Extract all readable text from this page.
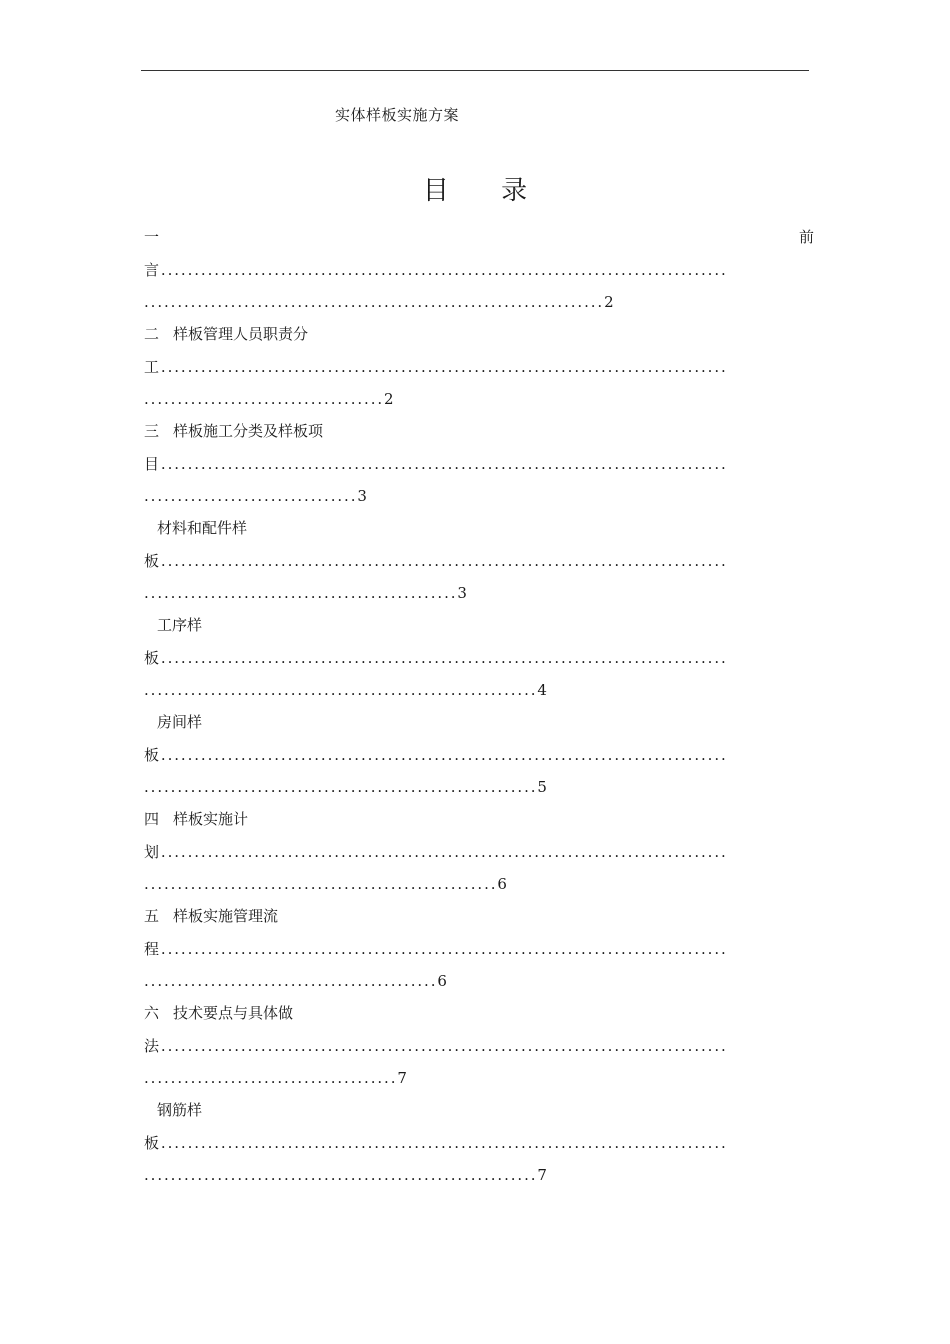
实体样板实施方案
目 录
一	前
言.....................................................................................
.....................................................................2
二 样板管理人员职责分
工.....................................................................................
....................................2
三 样板施工分类及样板项
目.....................................................................................
................................3
材料和配件样
板.....................................................................................
...............................................3
工序样
板.....................................................................................
...........................................................4
房间样
板.....................................................................................
...........................................................5
四 样板实施计
划.....................................................................................
.....................................................6
五 样板实施管理流
程.....................................................................................
............................................6
六 技术要点与具体做
法.....................................................................................
......................................7
钢筋样
板.....................................................................................
...........................................................7
